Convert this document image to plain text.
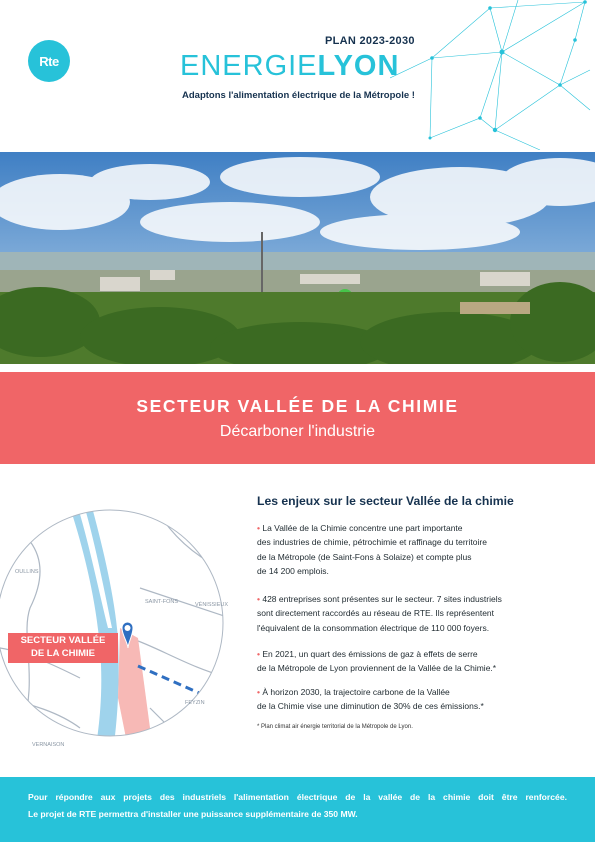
Rte
PLAN 2023-2030
ENERGIELYON
Adaptons l'alimentation électrique de la Métropole !
SECTEUR VALLÉE DE LA CHIMIE
Décarboner l'industrie
OULLINS
SAINT-FONS	VÉNISSIEUX
FEYZIN
VERNAISON
SECTEUR VALLÉE
DE LA CHIMIE
Les enjeux sur le secteur Vallée de la chimie
• La Vallée de la Chimie concentre une part importante
des industries de chimie, pétrochimie et raffinage du territoire
de la Métropole (de Saint-Fons à Solaize) et compte plus
de 14 200 emplois.
• 428 entreprises sont présentes sur le secteur. 7 sites industriels
sont directement raccordés au réseau de RTE. Ils représentent
l'équivalent de la consommation électrique de 110 000 foyers.
• En 2021, un quart des émissions de gaz à effets de serre
de la Métropole de Lyon proviennent de la Vallée de la Chimie.*
• À horizon 2030, la trajectoire carbone de la Vallée
de la Chimie vise une diminution de 30% de ces émissions.*
* Plan climat air énergie territorial de la Métropole de Lyon.

Pour répondre aux projets des industriels l'alimentation électrique de la vallée de la chimie doit être renforcée.

Le projet de RTE permettra d'installer une puissance supplémentaire de 350 MW.
